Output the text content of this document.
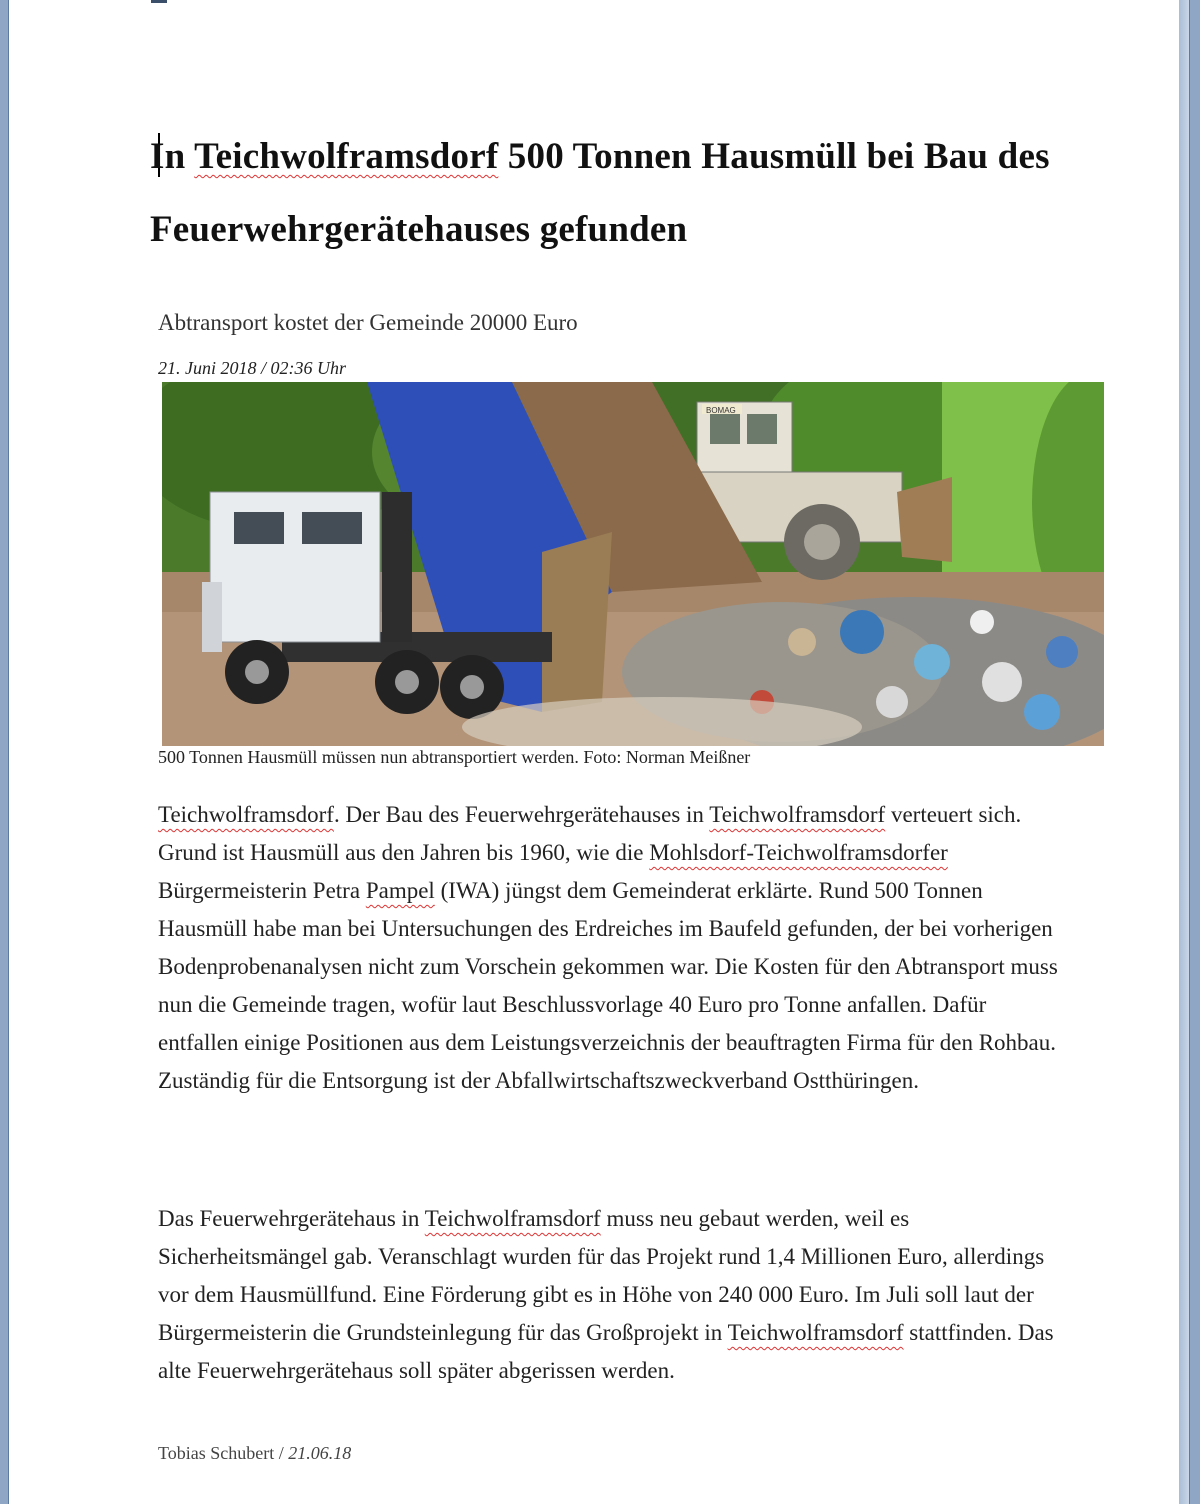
In Teichwolframsdorf 500 Tonnen Hausmüll bei Bau des Feuerwehrgerätehauses gefunden

Abtransport kostet der Gemeinde 20000 Euro

21. Juni 2018 / 02:36 Uhr

BOMAG

500 Tonnen Hausmüll müssen nun abtransportiert werden. Foto: Norman Meißner

Teichwolframsdorf. Der Bau des Feuerwehrgerätehauses in Teichwolframsdorf verteuert sich. Grund ist Hausmüll aus den Jahren bis 1960, wie die Mohlsdorf-Teichwolframsdorfer Bürgermeisterin Petra Pampel (IWA) jüngst dem Gemeinderat erklärte. Rund 500 Tonnen Hausmüll habe man bei Untersuchungen des Erdreiches im Baufeld gefunden, der bei vorherigen Bodenprobenanalysen nicht zum Vorschein gekommen war. Die Kosten für den Abtransport muss nun die Gemeinde tragen, wofür laut Beschlussvorlage 40 Euro pro Tonne anfallen. Dafür entfallen einige Positionen aus dem Leistungsverzeichnis der beauftragten Firma für den Rohbau. Zuständig für die Entsorgung ist der Abfallwirtschaftszweckverband Ostthüringen.

Das Feuerwehrgerätehaus in Teichwolframsdorf muss neu gebaut werden, weil es Sicherheitsmängel gab. Veranschlagt wurden für das Projekt rund 1,4 Millionen Euro, allerdings vor dem Hausmüllfund. Eine Förderung gibt es in Höhe von 240 000 Euro. Im Juli soll laut der Bürgermeisterin die Grundsteinlegung für das Großprojekt in Teichwolframsdorf stattfinden. Das alte Feuerwehrgerätehaus soll später abgerissen werden.

Tobias Schubert / 21.06.18
